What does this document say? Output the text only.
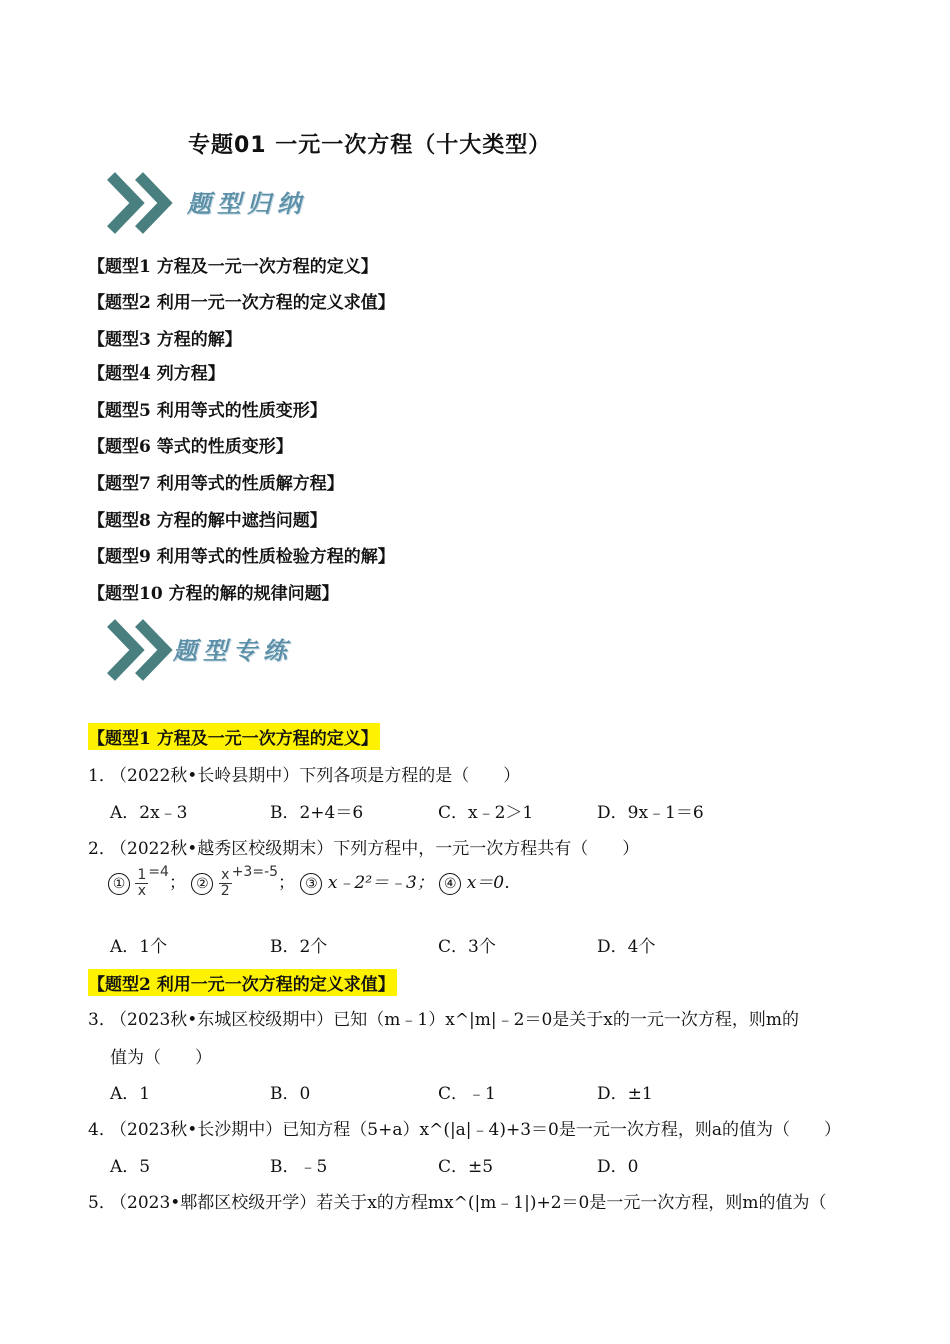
专题01 一元一次方程（十大类型）
题型归纳
【题型1 方程及一元一次方程的定义】
【题型2 利用一元一次方程的定义求值】
【题型3 方程的解】
【题型4 列方程】
【题型5 利用等式的性质变形】
【题型6 等式的性质变形】
【题型7 利用等式的性质解方程】
【题型8 方程的解中遮挡问题】
【题型9 利用等式的性质检验方程的解】
【题型10 方程的解的规律问题】
题型专练
【题型1 方程及一元一次方程的定义】
1．（2022秋•长岭县期中）下列各项是方程的是（　　）
A．2x﹣3	B．2+4＝6	C．x﹣2＞1	D．9x﹣1＝6
2．（2022秋•越秀区校级期末）下列方程中，一元一次方程共有（　　）
① $\frac{1}{x} =4$； ② $\frac{x}{2} +3=-5$； ③ x﹣2²＝﹣3； ④ x＝0．
A．1个	B．2个	C．3个	D．4个
【题型2 利用一元一次方程的定义求值】
3．（2023秋•东城区校级期中）已知（m﹣1）x^|m|﹣2＝0是关于x的一元一次方程，则m的
值为（　　）
A．1	B．0	C．﹣1	D．±1
4．（2023秋•长沙期中）已知方程（5+a）x^(|a|﹣4)+3＝0是一元一次方程，则a的值为（　　）
A．5	B．﹣5	C．±5	D．0
5．（2023•郫都区校级开学）若关于x的方程mx^(|m﹣1|)+2＝0是一元一次方程，则m的值为（
